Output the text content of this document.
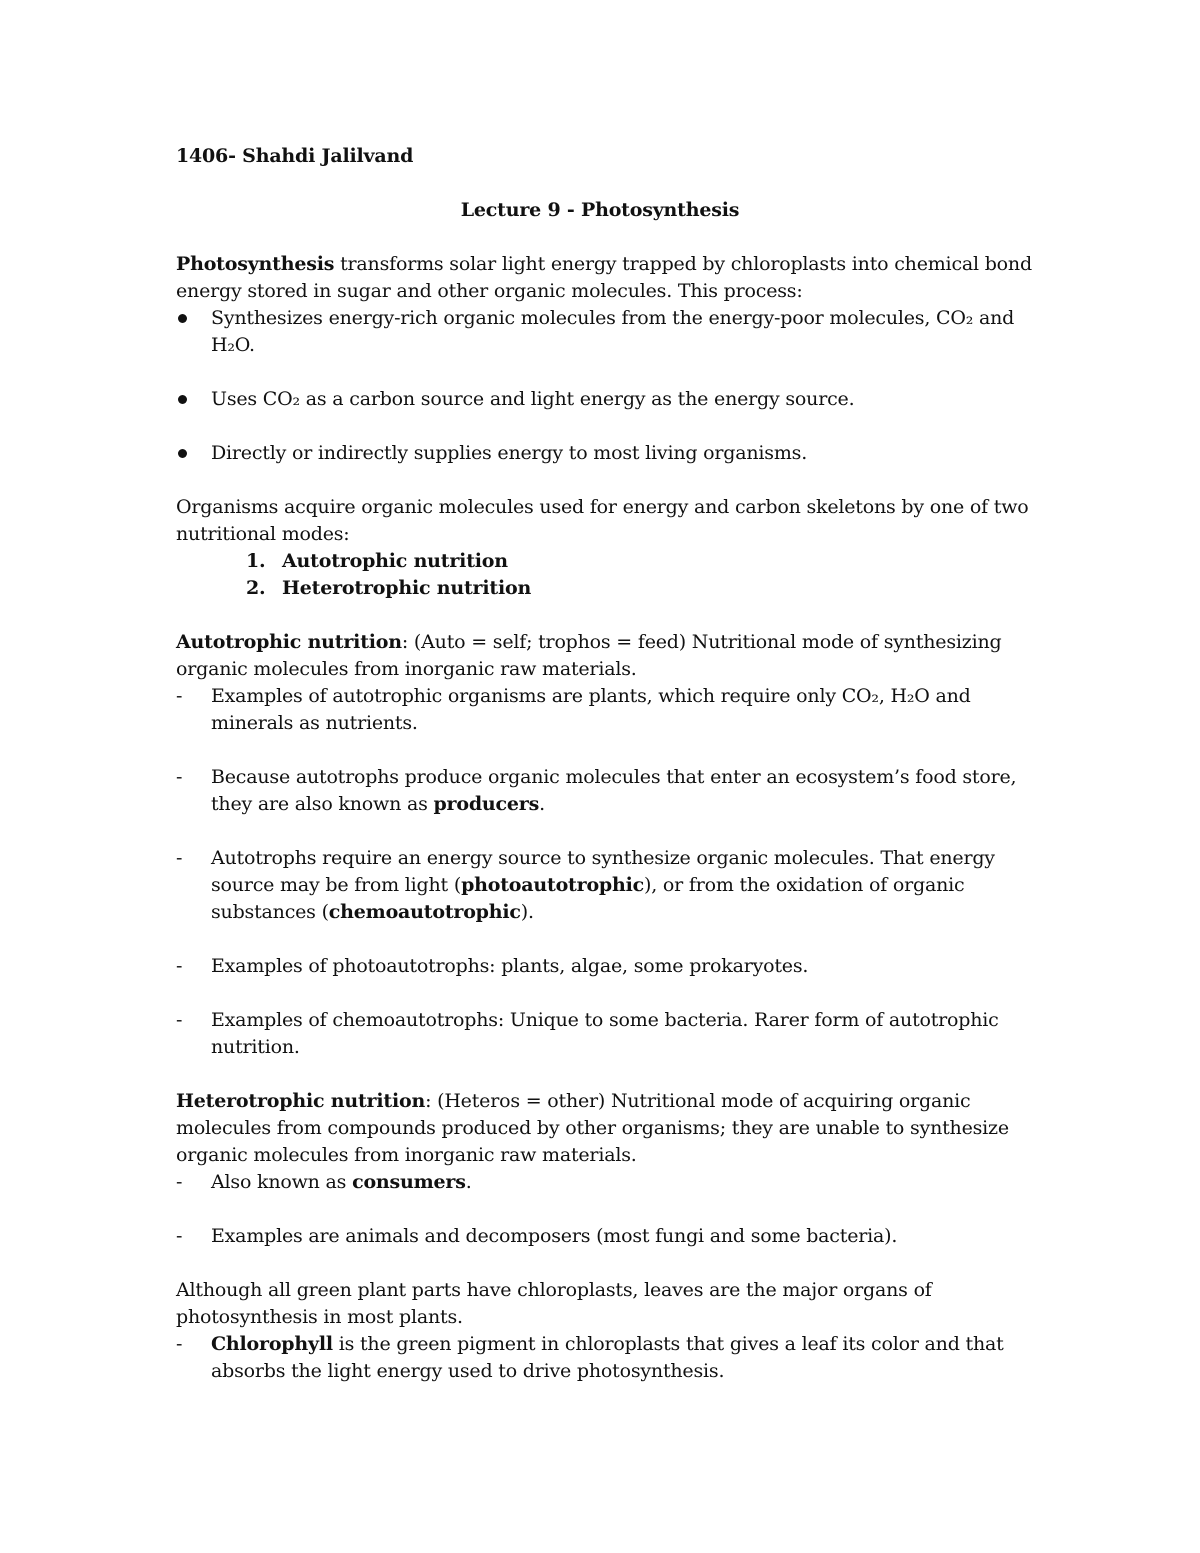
1406- Shahdi Jalilvand

Lecture 9 - Photosynthesis

Photosynthesis transforms solar light energy trapped by chloroplasts into chemical bond energy stored in sugar and other organic molecules. This process:

Synthesizes energy-rich organic molecules from the energy-poor molecules, CO₂ and H₂O.

Uses CO₂ as a carbon source and light energy as the energy source.

Directly or indirectly supplies energy to most living organisms.

Organisms acquire organic molecules used for energy and carbon skeletons by one of two nutritional modes:

1. Autotrophic nutrition
2. Heterotrophic nutrition

Autotrophic nutrition: (Auto = self; trophos = feed) Nutritional mode of synthesizing organic molecules from inorganic raw materials.

- Examples of autotrophic organisms are plants, which require only CO₂, H₂O and minerals as nutrients.

- Because autotrophs produce organic molecules that enter an ecosystem’s food store, they are also known as producers.

- Autotrophs require an energy source to synthesize organic molecules. That energy source may be from light (photoautotrophic), or from the oxidation of organic substances (chemoautotrophic).

- Examples of photoautotrophs: plants, algae, some prokaryotes.

- Examples of chemoautotrophs: Unique to some bacteria. Rarer form of autotrophic nutrition.

Heterotrophic nutrition: (Heteros = other) Nutritional mode of acquiring organic molecules from compounds produced by other organisms; they are unable to synthesize organic molecules from inorganic raw materials.

- Also known as consumers.

- Examples are animals and decomposers (most fungi and some bacteria).

Although all green plant parts have chloroplasts, leaves are the major organs of photosynthesis in most plants.

- Chlorophyll is the green pigment in chloroplasts that gives a leaf its color and that absorbs the light energy used to drive photosynthesis.
